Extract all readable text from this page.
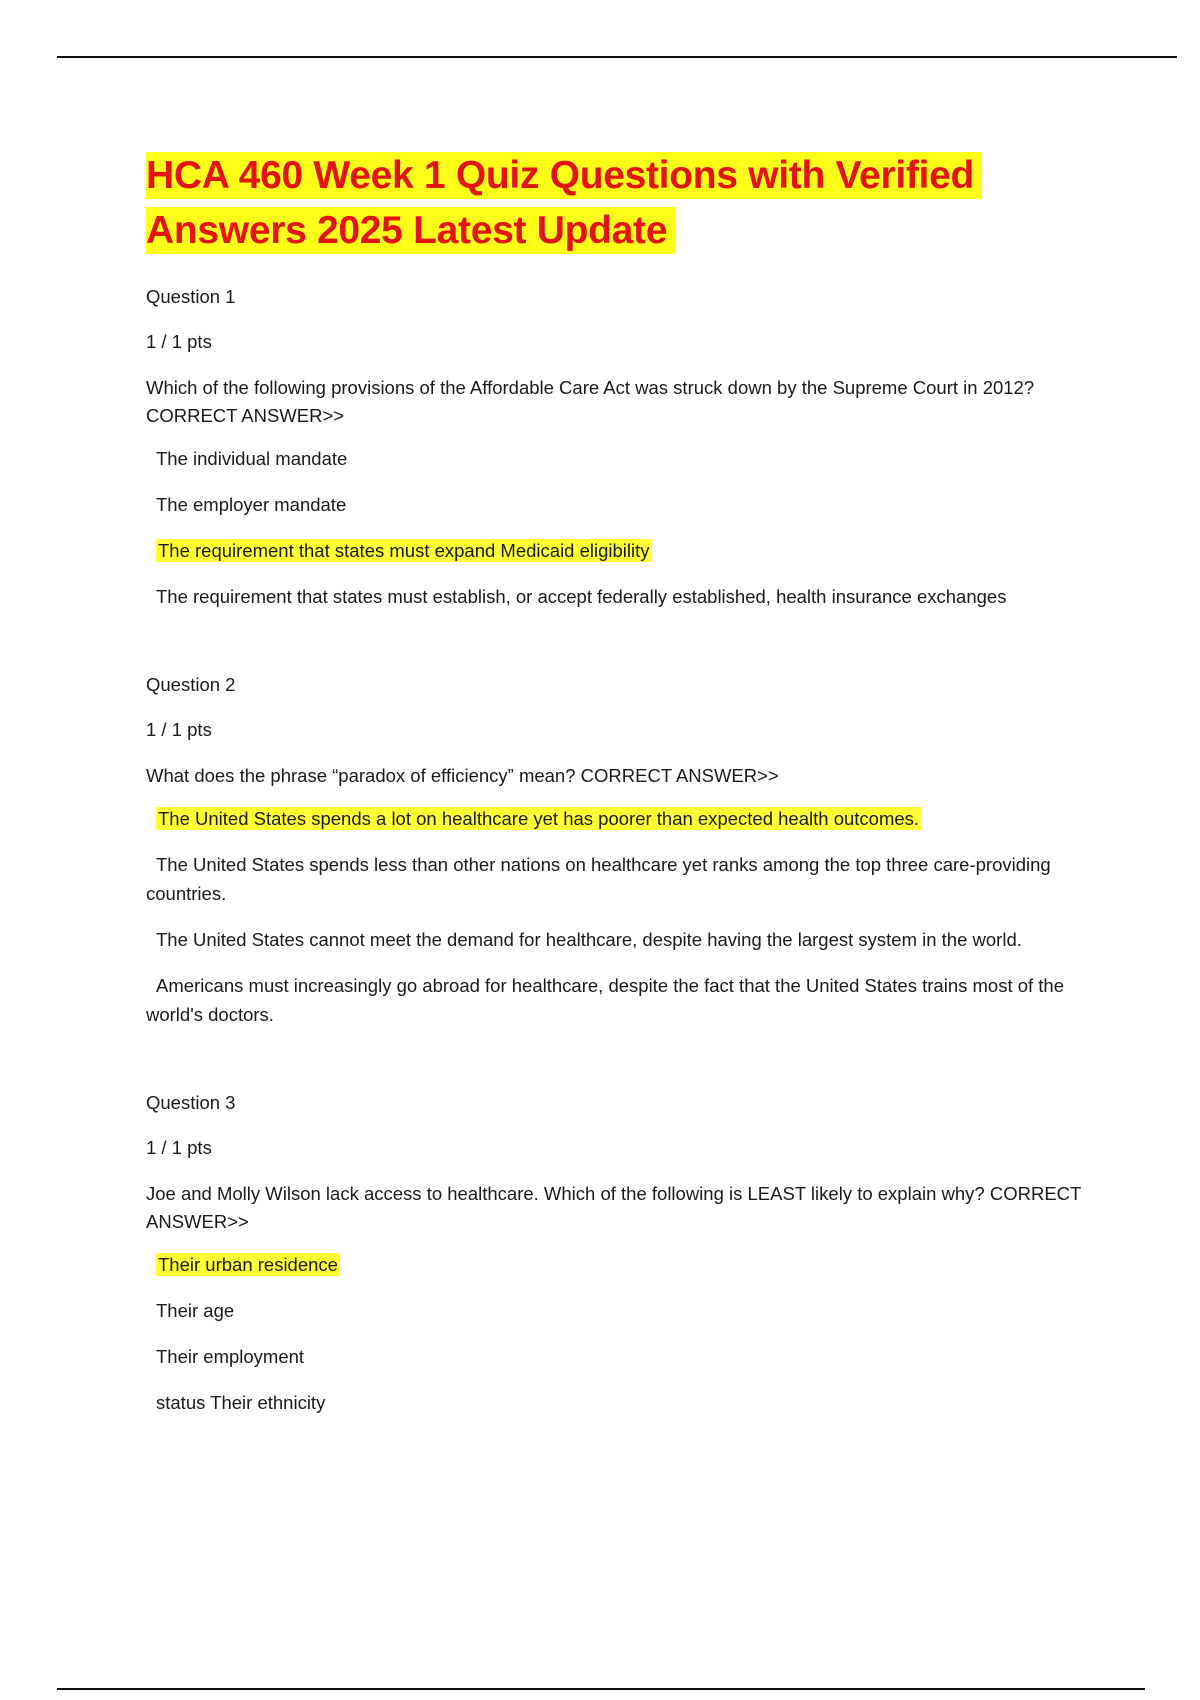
HCA 460 Week 1 Quiz Questions with Verified
Answers 2025 Latest Update
Question 1
1 / 1 pts
Which of the following provisions of the Affordable Care Act was struck down by the Supreme Court in 2012? CORRECT ANSWER>>
The individual mandate
The employer mandate
The requirement that states must expand Medicaid eligibility
The requirement that states must establish, or accept federally established, health insurance exchanges
Question 2
1 / 1 pts
What does the phrase “paradox of efficiency” mean? CORRECT ANSWER>>
The United States spends a lot on healthcare yet has poorer than expected health outcomes.
The United States spends less than other nations on healthcare yet ranks among the top three care-providing countries.
The United States cannot meet the demand for healthcare, despite having the largest system in the world.
Americans must increasingly go abroad for healthcare, despite the fact that the United States trains most of the world's doctors.
Question 3
1 / 1 pts
Joe and Molly Wilson lack access to healthcare. Which of the following is LEAST likely to explain why? CORRECT ANSWER>>
Their urban residence
Their age
Their employment
status Their ethnicity
